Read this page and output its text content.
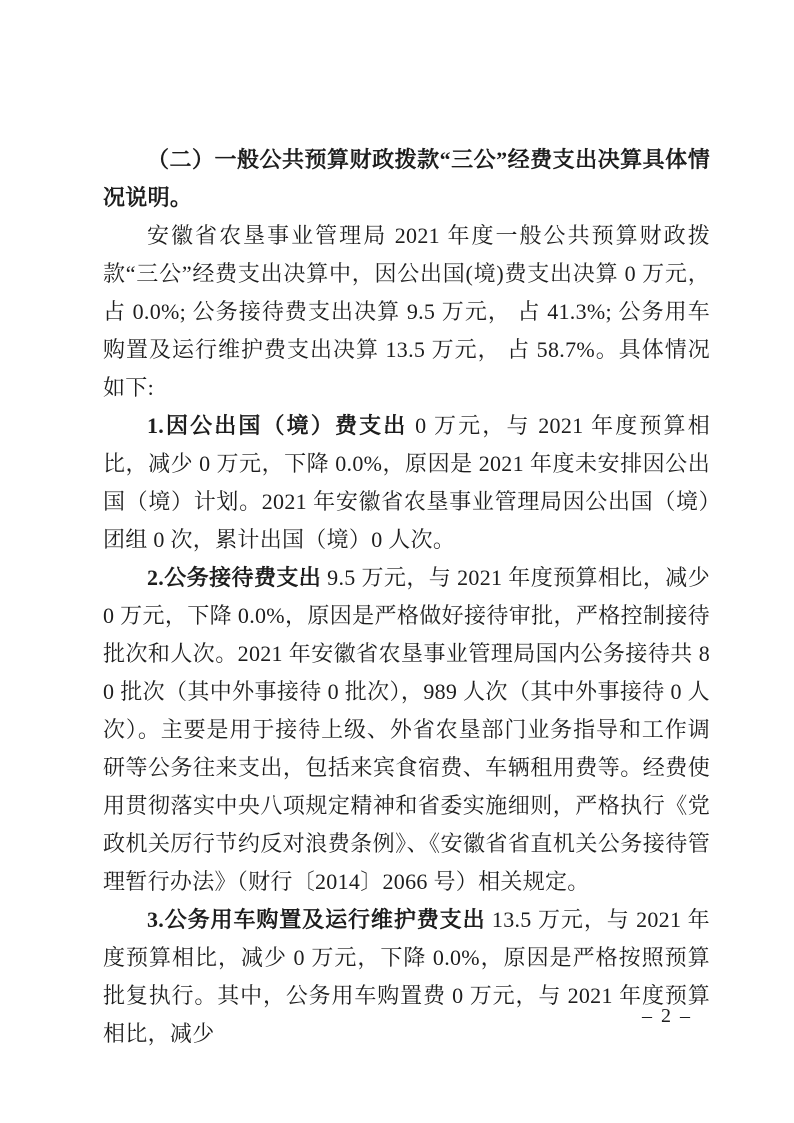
（二）一般公共预算财政拨款“三公”经费支出决算具体情况说明。

安徽省农垦事业管理局 2021 年度一般公共预算财政拨款“三公”经费支出决算中，因公出国(境)费支出决算 0 万元，占 0.0%; 公务接待费支出决算 9.5 万元， 占 41.3%; 公务用车购置及运行维护费支出决算 13.5 万元， 占 58.7%。具体情况如下:

1.因公出国（境）费支出 0 万元，与 2021 年度预算相比，减少 0 万元，下降 0.0%，原因是 2021 年度未安排因公出国（境）计划。2021 年安徽省农垦事业管理局因公出国（境）团组 0 次，累计出国（境）0 人次。

2.公务接待费支出 9.5 万元，与 2021 年度预算相比，减少 0 万元，下降 0.0%，原因是严格做好接待审批，严格控制接待批次和人次。2021 年安徽省农垦事业管理局国内公务接待共 80 批次（其中外事接待 0 批次），989 人次（其中外事接待 0 人次）。主要是用于接待上级、外省农垦部门业务指导和工作调研等公务往来支出，包括来宾食宿费、车辆租用费等。经费使用贯彻落实中央八项规定精神和省委实施细则，严格执行《党政机关厉行节约反对浪费条例》、《安徽省省直机关公务接待管理暂行办法》（财行〔2014〕2066 号）相关规定。

3.公务用车购置及运行维护费支出 13.5 万元，与 2021 年度预算相比，减少 0 万元，下降 0.0%，原因是严格按照预算批复执行。其中，公务用车购置费 0 万元，与 2021 年度预算相比，减少

– 2 –
